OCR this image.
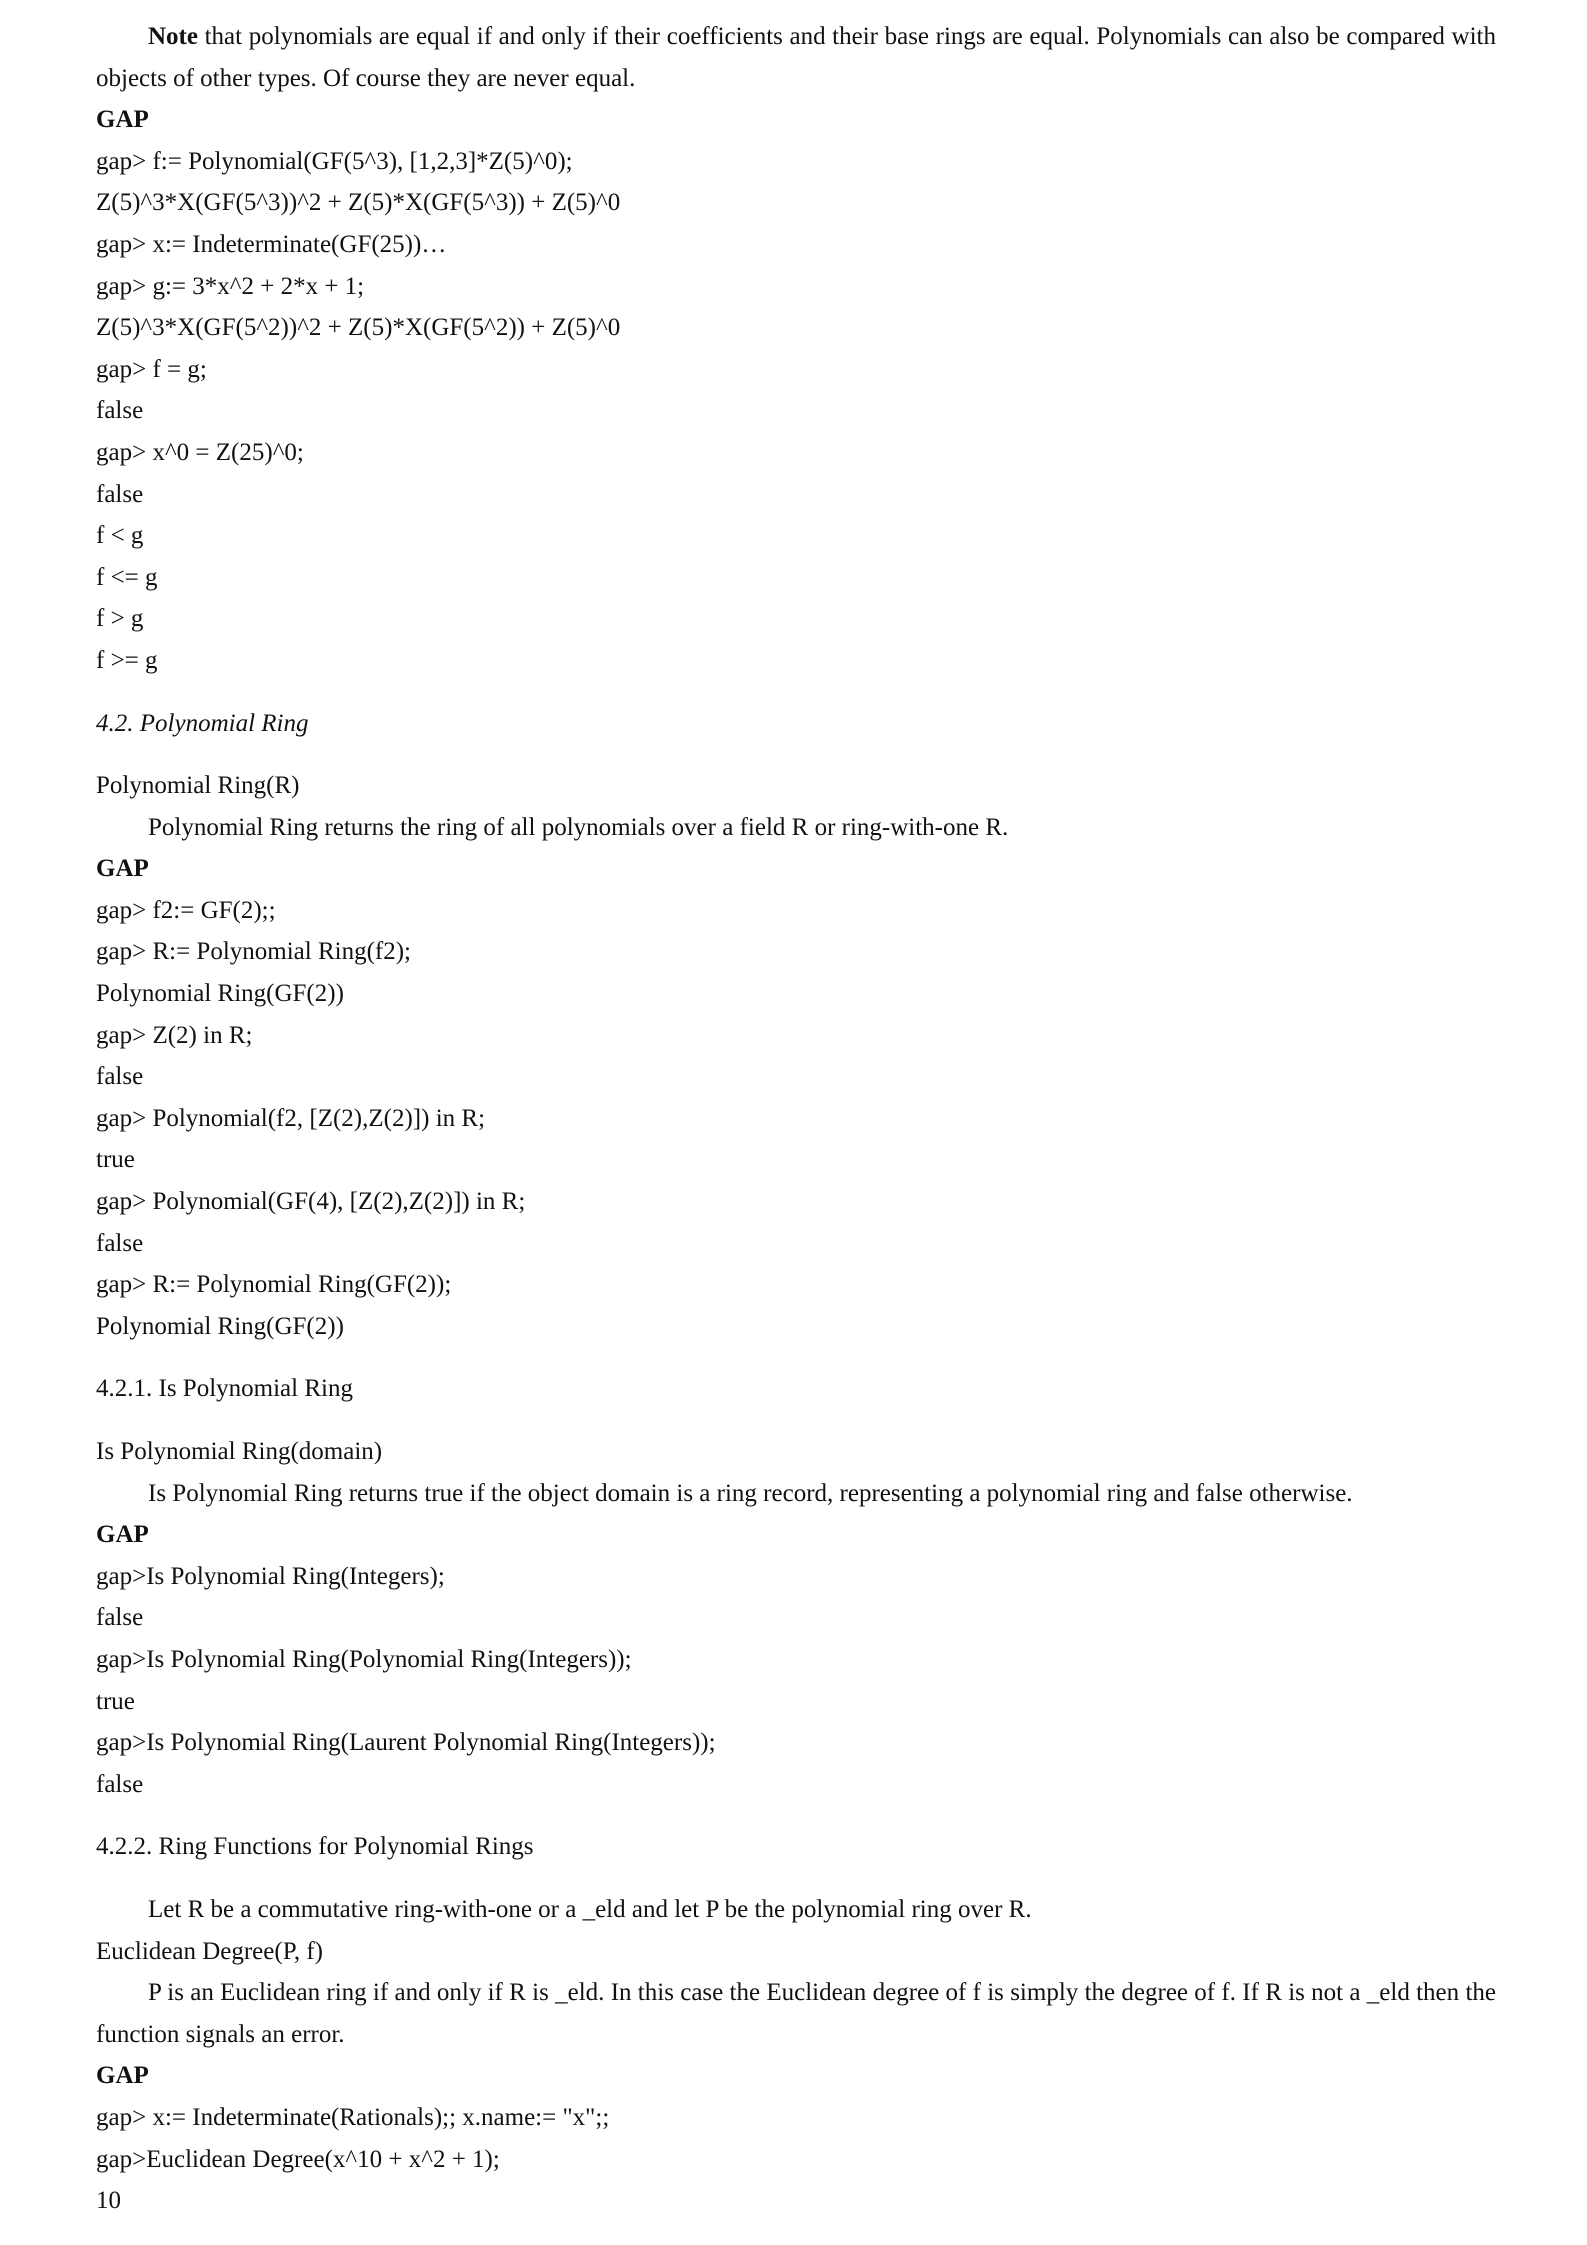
Note that polynomials are equal if and only if their coefficients and their base rings are equal. Polynomials can also be compared with objects of other types. Of course they are never equal.

GAP

gap> f:= Polynomial(GF(5^3), [1,2,3]*Z(5)^0);

Z(5)^3*X(GF(5^3))^2 + Z(5)*X(GF(5^3)) + Z(5)^0

gap> x:= Indeterminate(GF(25))…

gap> g:= 3*x^2 + 2*x + 1;

Z(5)^3*X(GF(5^2))^2 + Z(5)*X(GF(5^2)) + Z(5)^0

gap> f = g;

false

gap> x^0 = Z(25)^0;

false

f < g

f <= g

f > g

f >= g

4.2. Polynomial Ring

Polynomial Ring(R)

Polynomial Ring returns the ring of all polynomials over a field R or ring-with-one R.

GAP

gap> f2:= GF(2);;

gap> R:= Polynomial Ring(f2);

Polynomial Ring(GF(2))

gap> Z(2) in R;

false

gap> Polynomial(f2, [Z(2),Z(2)]) in R;

true

gap> Polynomial(GF(4), [Z(2),Z(2)]) in R;

false

gap> R:= Polynomial Ring(GF(2));

Polynomial Ring(GF(2))

4.2.1. Is Polynomial Ring

Is Polynomial Ring(domain)

Is Polynomial Ring returns true if the object domain is a ring record, representing a polynomial ring and false otherwise.

GAP

gap>Is Polynomial Ring(Integers);

false

gap>Is Polynomial Ring(Polynomial Ring(Integers));

true

gap>Is Polynomial Ring(Laurent Polynomial Ring(Integers));

false

4.2.2. Ring Functions for Polynomial Rings

Let R be a commutative ring-with-one or a _eld and let P be the polynomial ring over R.

Euclidean Degree(P, f)

P is an Euclidean ring if and only if R is _eld. In this case the Euclidean degree of f is simply the degree of f. If R is not a _eld then the function signals an error.

GAP

gap> x:= Indeterminate(Rationals);; x.name:= "x";;

gap>Euclidean Degree(x^10 + x^2 + 1);

10
